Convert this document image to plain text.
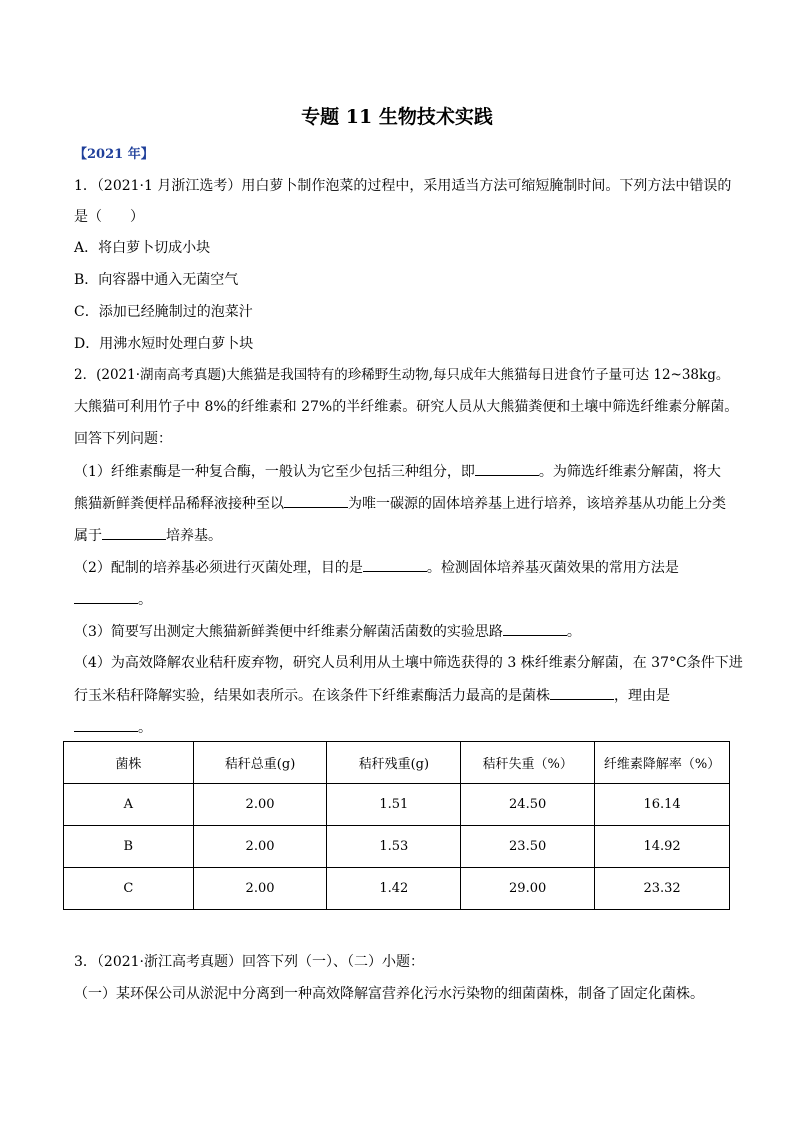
专题 11 生物技术实践
【2021 年】
1．（2021·1 月浙江选考）用白萝卜制作泡菜的过程中，采用适当方法可缩短腌制时间。下列方法中错误的
是（　　）
A．将白萝卜切成小块
B．向容器中通入无菌空气
C．添加已经腌制过的泡菜汁
D．用沸水短时处理白萝卜块
2．(2021·湖南高考真题)大熊猫是我国特有的珍稀野生动物,每只成年大熊猫每日进食竹子量可达 12~38kg。
大熊猫可利用竹子中 8%的纤维素和 27%的半纤维素。研究人员从大熊猫粪便和土壤中筛选纤维素分解菌。
回答下列问题：
（1）纤维素酶是一种复合酶，一般认为它至少包括三种组分，即	。为筛选纤维素分解菌，将大
熊猫新鲜粪便样品稀释液接种至以	为唯一碳源的固体培养基上进行培养，该培养基从功能上分类
属于	培养基。
（2）配制的培养基必须进行灭菌处理，目的是	。检测固体培养基灭菌效果的常用方法是
。
（3）简要写出测定大熊猫新鲜粪便中纤维素分解菌活菌数的实验思路	。
（4）为高效降解农业秸秆废弃物，研究人员利用从土壤中筛选获得的 3 株纤维素分解菌，在 37°C条件下进
行玉米秸秆降解实验，结果如表所示。在该条件下纤维素酶活力最高的是菌株	，理由是
。
菌株	秸秆总重(g)	秸秆残重(g)	秸秆失重（%）	纤维素降解率（%）
A	2.00	1.51	24.50	16.14
B	2.00	1.53	23.50	14.92
C	2.00	1.42	29.00	23.32
3．（2021·浙江高考真题）回答下列（一）、（二）小题：
（一）某环保公司从淤泥中分离到一种高效降解富营养化污水污染物的细菌菌株，制备了固定化菌株。
